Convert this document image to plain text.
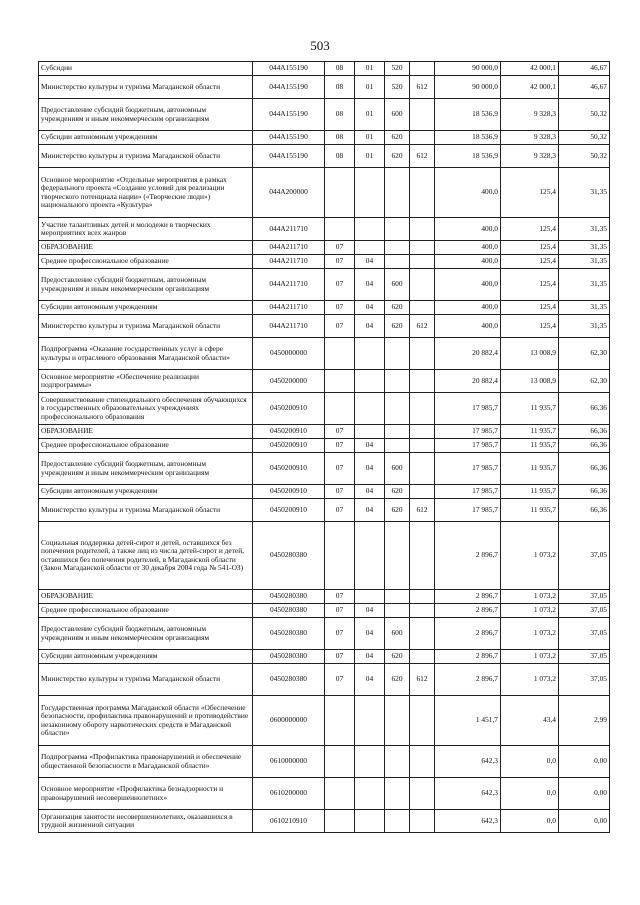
503
Субсидии	044A155190	08	01	520		90 000,0	42 000,1	46,67
Министерство культуры и туризма Магаданской области	044A155190	08	01	520	612	90 000,0	42 000,1	46,67
Предоставление субсидий бюджетным, автономным учреждениям и иным некоммерческим организациям	044A155190	08	01	600		18 536,9	9 328,3	50,32
Субсидии автономным учреждениям	044A155190	08	01	620		18 536,9	9 328,3	50,32
Министерство культуры и туризма Магаданской области	044A155190	08	01	620	612	18 536,9	9 328,3	50,32
Основное мероприятие «Отдельные мероприятия в рамках федерального проекта «Создание условий для реализации творческого потенциала нации» («Творческие люди») национального проекта «Культура»	044A200000					400,0	125,4	31,35
Участие талантливых детей и молодежи в творческих мероприятиях всех жанров	044A211710					400,0	125,4	31,35
ОБРАЗОВАНИЕ	044A211710	07				400,0	125,4	31,35
Среднее профессиональное образование	044A211710	07	04			400,0	125,4	31,35
Предоставление субсидий бюджетным, автономным учреждениям и иным некоммерческим организациям	044A211710	07	04	600		400,0	125,4	31,35
Субсидии автономным учреждениям	044A211710	07	04	620		400,0	125,4	31,35
Министерство культуры и туризма Магаданской области	044A211710	07	04	620	612	400,0	125,4	31,35
Подпрограмма «Оказание государственных услуг в сфере культуры и отраслевого образования Магаданской области»	0450000000					20 882,4	13 008,9	62,30
Основное мероприятие «Обеспечение реализации подпрограммы»	0450200000					20 882,4	13 008,9	62,30
Совершенствование стипендиального обеспечения обучающихся в государственных образовательных учреждениях профессионального образования	0450200910					17 985,7	11 935,7	66,36
ОБРАЗОВАНИЕ	0450200910	07				17 985,7	11 935,7	66,36
Среднее профессиональное образование	0450200910	07	04			17 985,7	11 935,7	66,36
Предоставление субсидий бюджетным, автономным учреждениям и иным некоммерческим организациям	0450200910	07	04	600		17 985,7	11 935,7	66,36
Субсидии автономным учреждениям	0450200910	07	04	620		17 985,7	11 935,7	66,36
Министерство культуры и туризма Магаданской области	0450200910	07	04	620	612	17 985,7	11 935,7	66,36
Социальная поддержка детей-сирот и детей, оставшихся без попечения родителей, а также лиц из числа детей-сирот и детей, оставшихся без попечения родителей, в Магаданской области (Закон Магаданской области от 30 декабря 2004 года № 541-ОЗ)	0450280380					2 896,7	1 073,2	37,05
ОБРАЗОВАНИЕ	0450280380	07				2 896,7	1 073,2	37,05
Среднее профессиональное образование	0450280380	07	04			2 896,7	1 073,2	37,05
Предоставление субсидий бюджетным, автономным учреждениям и иным некоммерческим организациям	0450280380	07	04	600		2 896,7	1 073,2	37,05
Субсидии автономным учреждениям	0450280380	07	04	620		2 896,7	1 073,2	37,05
Министерство культуры и туризма Магаданской области	0450280380	07	04	620	612	2 896,7	1 073,2	37,05
Государственная программа Магаданской области «Обеспечение безопасности, профилактика правонарушений и противодействие незаконному обороту наркотических средств в Магаданской области»	0600000000					1 451,7	43,4	2,99
Подпрограмма «Профилактика правонарушений и обеспечение общественной безопасности в Магаданской области»	0610000000					642,3	0,0	0,00
Основное мероприятие «Профилактика безнадзорности и правонарушений несовершеннолетних»	0610200000					642,3	0,0	0,00
Организация занятости несовершеннолетних, оказавшихся в трудной жизненной ситуации	0610210910					642,3	0,0	0,00
